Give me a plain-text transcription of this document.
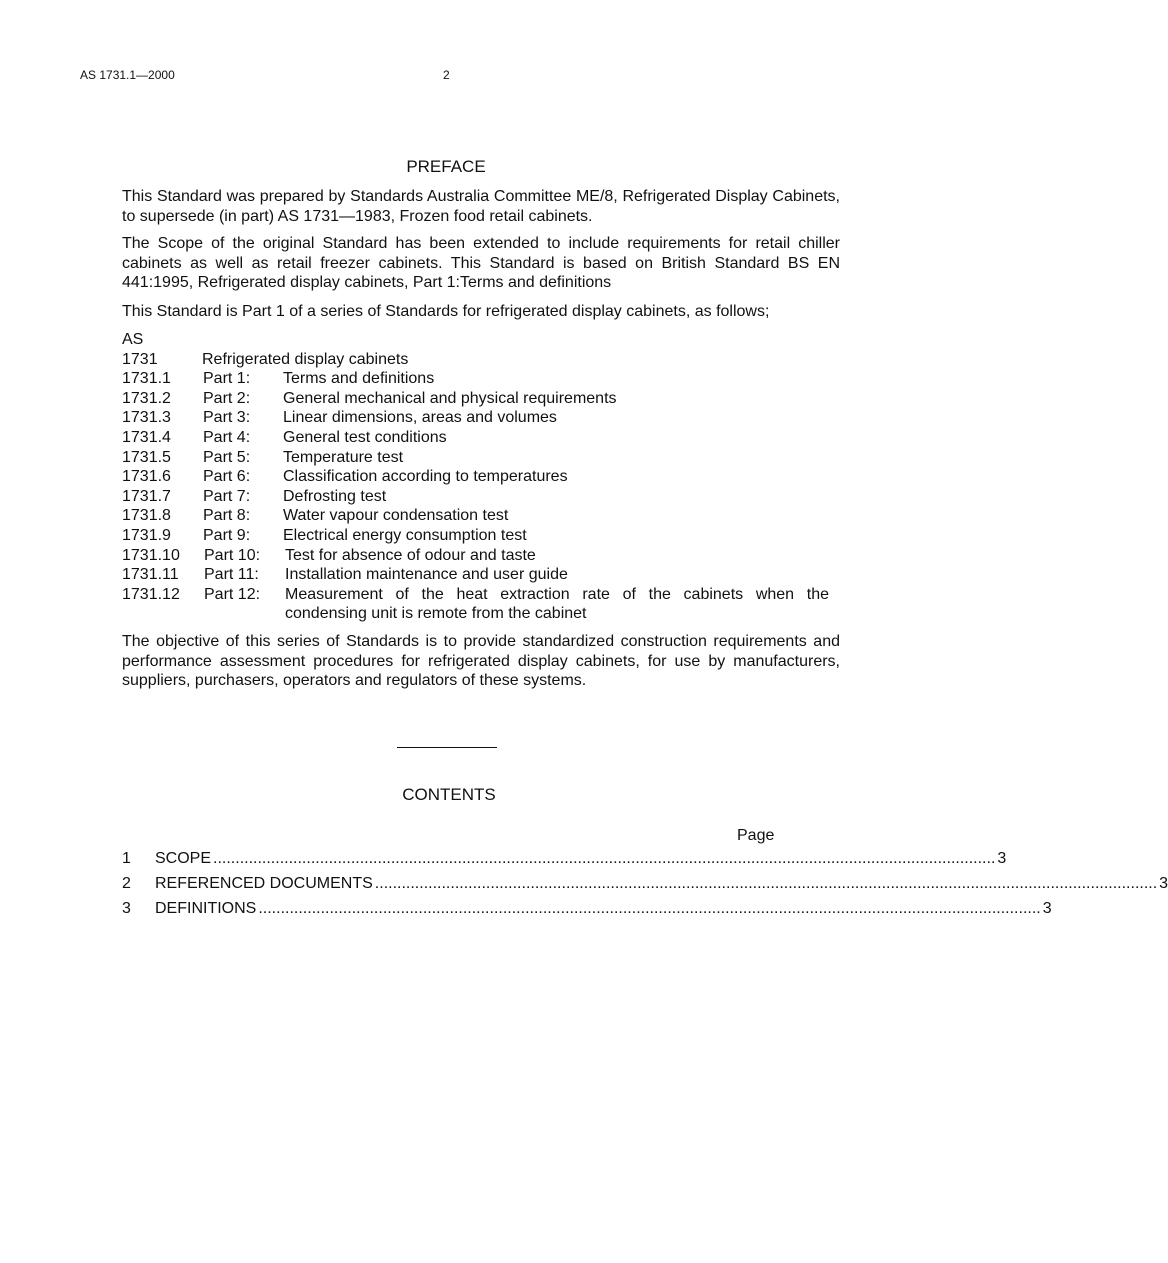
AS 1731.1—2000	2
PREFACE

This Standard was prepared by Standards Australia Committee ME/8, Refrigerated Display Cabinets, to supersede (in part) AS 1731—1983, Frozen food retail cabinets.

The Scope of the original Standard has been extended to include requirements for retail chiller cabinets as well as retail freezer cabinets. This Standard is based on British Standard BS EN 441:1995, Refrigerated display cabinets, Part 1:Terms and definitions

This Standard is Part 1 of a series of Standards for refrigerated display cabinets, as follows;

AS
1731	Refrigerated display cabinets
1731.1 Part 1: Terms and definitions
1731.2 Part 2: General mechanical and physical requirements
1731.3 Part 3: Linear dimensions, areas and volumes
1731.4 Part 4: General test conditions
1731.5 Part 5: Temperature test
1731.6 Part 6: Classification according to temperatures
1731.7 Part 7: Defrosting test
1731.8 Part 8: Water vapour condensation test
1731.9 Part 9: Electrical energy consumption test
1731.10 Part 10: Test for absence of odour and taste
1731.11 Part 11: Installation maintenance and user guide
1731.12 Part 12: Measurement of the heat extraction rate of the cabinets when the condensing unit is remote from the cabinet

The objective of this series of Standards is to provide standardized construction requirements and performance assessment procedures for refrigerated display cabinets, for use by manufacturers, suppliers, purchasers, operators and regulators of these systems.

CONTENTS
Page
1	SCOPE ................................................................................................................................................................................ 3
2	REFERENCED DOCUMENTS ................................................................................................................................................................................ 3
3	DEFINITIONS ................................................................................................................................................................................ 3
